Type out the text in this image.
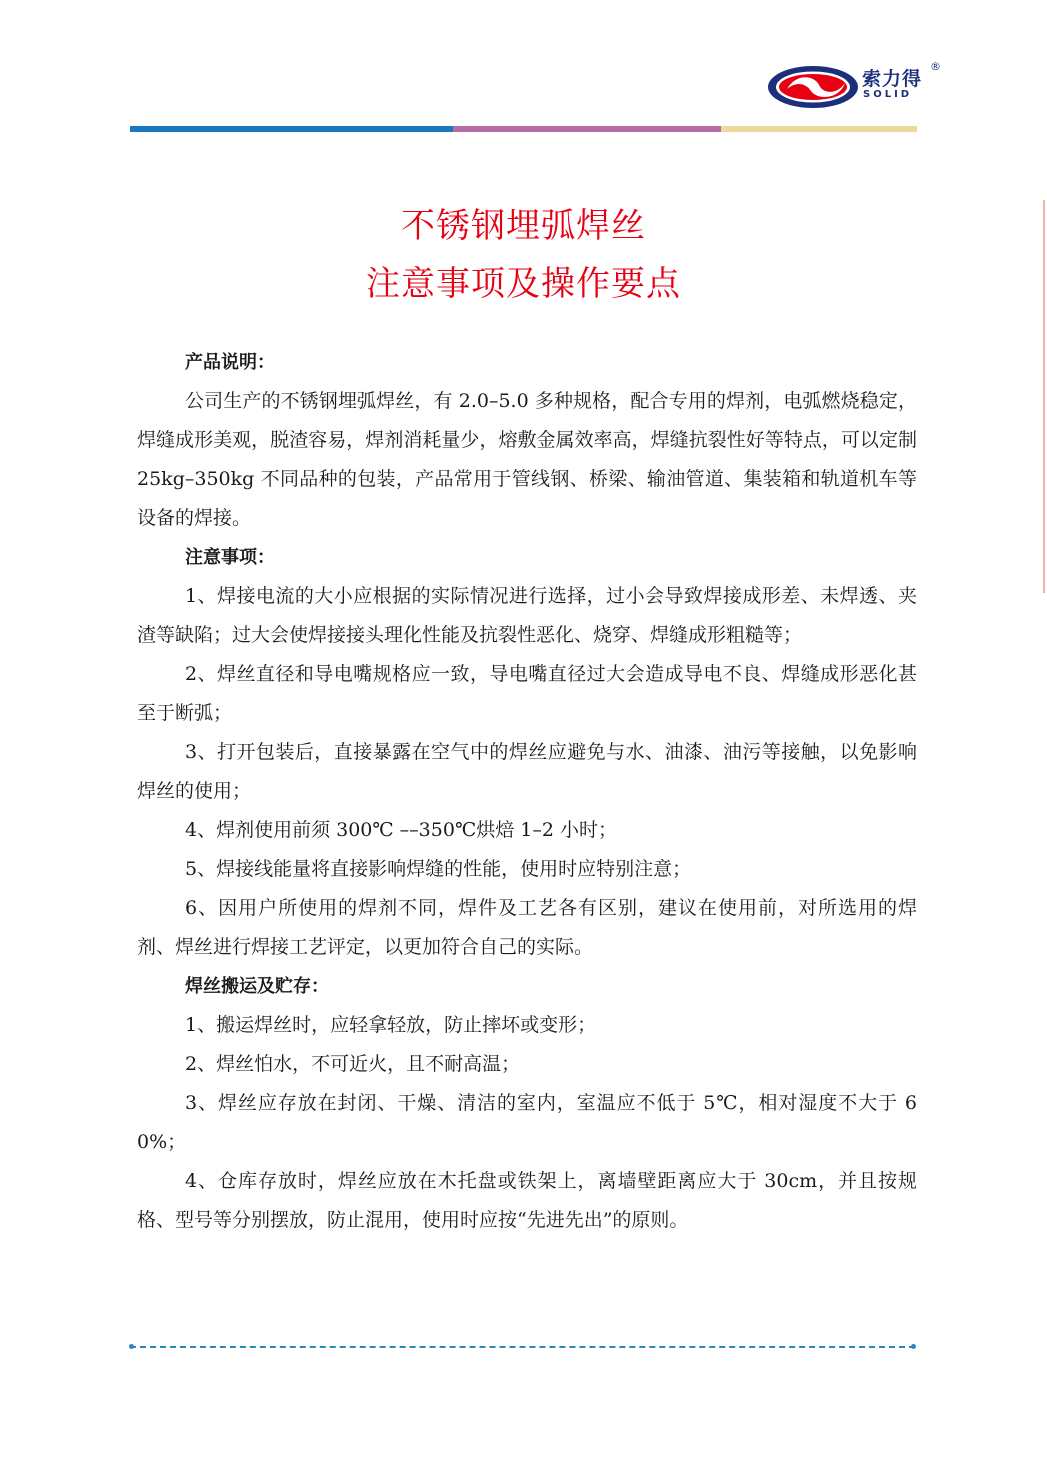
索力得
SOLID
®
不锈钢埋弧焊丝
注意事项及操作要点
产品说明：

公司生产的不锈钢埋弧焊丝，有 2.0–5.0 多种规格，配合专用的焊剂，电弧燃烧稳定，焊缝成形美观，脱渣容易，焊剂消耗量少，熔敷金属效率高，焊缝抗裂性好等特点，可以定制 25kg–350kg 不同品种的包装，产品常用于管线钢、桥梁、输油管道、集装箱和轨道机车等设备的焊接。

注意事项：

1、焊接电流的大小应根据的实际情况进行选择，过小会导致焊接成形差、未焊透、夹渣等缺陷；过大会使焊接接头理化性能及抗裂性恶化、烧穿、焊缝成形粗糙等；

2、焊丝直径和导电嘴规格应一致，导电嘴直径过大会造成导电不良、焊缝成形恶化甚至于断弧；

3、打开包装后，直接暴露在空气中的焊丝应避免与水、油漆、油污等接触，以免影响焊丝的使用；

4、焊剂使用前须 300℃ ––350℃烘焙 1–2 小时；

5、焊接线能量将直接影响焊缝的性能，使用时应特别注意；

6、因用户所使用的焊剂不同，焊件及工艺各有区别，建议在使用前，对所选用的焊剂、焊丝进行焊接工艺评定，以更加符合自己的实际。

焊丝搬运及贮存：

1、搬运焊丝时，应轻拿轻放，防止摔坏或变形；

2、焊丝怕水，不可近火，且不耐高温；

3、焊丝应存放在封闭、干燥、清洁的室内，室温应不低于 5℃，相对湿度不大于 60%；

4、仓库存放时，焊丝应放在木托盘或铁架上，离墙壁距离应大于 30cm，并且按规格、型号等分别摆放，防止混用，使用时应按“先进先出”的原则。
